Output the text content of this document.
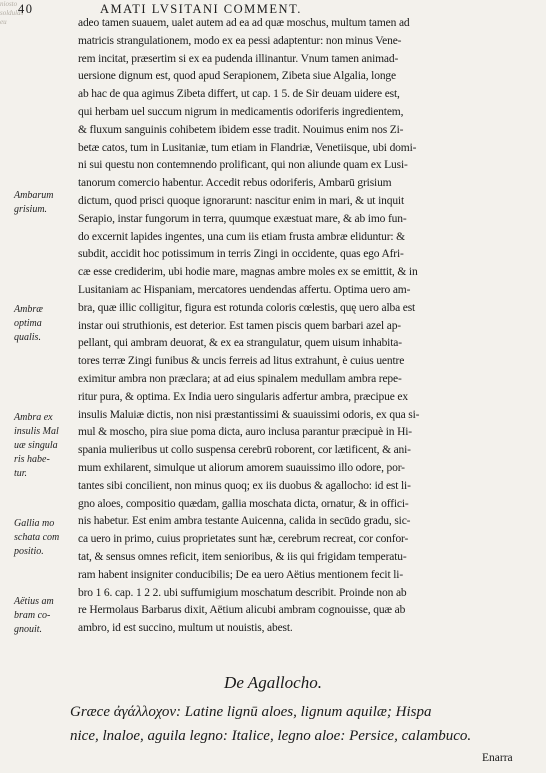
niosto
soldulas
eu
40	AMATI LVSITANI COMMENT.
adeo tamen suauem, ualet autem ad ea ad quæ moschus, multum tamen ad
matricis strangulationem, modo ex ea pessi adaptentur: non minus Vene-
rem incitat, præsertim si ex ea pudenda illinantur. Vnum tamen animad-
uersione dignum est, quod apud Serapionem, Zibeta siue Algalia, longe
ab hac de qua agimus Zibeta differt, ut cap. 1 5. de Sir deuam uidere est,
qui herbam uel succum nigrum in medicamentis odoriferis ingredientem,
& fluxum sanguinis cohibetem ibidem esse tradit. Nouimus enim nos Zi-
betæ catos, tum in Lusitaniæ, tum etiam in Flandriæ, Venetiisque, ubi domi-
ni sui questu non contemnendo prolificant, qui non aliunde quam ex Lusi-
tanorum comercio habentur. Accedit rebus odoriferis, Ambarū grisium
dictum, quod prisci quoque ignorarunt: nascitur enim in mari, & ut inquit
Serapio, instar fungorum in terra, quumque exæstuat mare, & ab imo fun-
do excernit lapides ingentes, una cum iis etiam frusta ambræ eliduntur: &
subdit, accidit hoc potissimum in terris Zingi in occidente, quas ego Afri-
cæ esse crediderim, ubi hodie mare, magnas ambre moles ex se emittit, & in
Lusitaniam ac Hispaniam, mercatores uendendas affertu. Optima uero am-
bra, quæ illic colligitur, figura est rotunda coloris cœlestis, quę uero alba est
instar oui struthionis, est deterior. Est tamen piscis quem barbari azel ap-
pellant, qui ambram deuorat, & ex ea strangulatur, quem uisum inhabita-
tores terræ Zingi funibus & uncis ferreis ad litus extrahunt, è cuius uentre
eximitur ambra non præclara; at ad eius spinalem medullam ambra repe-
ritur pura, & optima. Ex India uero singularis adfertur ambra, præcipue ex
insulis Maluiæ dictis, non nisi præstantissimi & suauissimi odoris, ex qua si-
mul & moscho, pira siue poma dicta, auro inclusa parantur præcipuè in Hi-
spania mulieribus ut collo suspensa cerebrū roborent, cor lætificent, & ani-
mum exhilarent, simulque ut aliorum amorem suauissimo illo odore, por-
tantes sibi concilient, non minus quoq; ex iis duobus & agallocho: id est li-
gno aloes, compositio quædam, gallia moschata dicta, ornatur, & in offici-
nis habetur. Est enim ambra testante Auicenna, calida in secūdo gradu, sic-
ca uero in primo, cuius proprietates sunt hæ, cerebrum recreat, cor confor-
tat, & sensus omnes reficit, item senioribus, & iis qui frigidam temperatu-
ram habent insigniter conducibilis; De ea uero Aëtius mentionem fecit li-
bro 1 6. cap. 1 2 2. ubi suffumigium moschatum describit. Proinde non ab
re Hermolaus Barbarus dixit, Aëtium alicubi ambram cognouisse, quæ ab
ambro, id est succino, multum ut nouistis, abest.
Ambarum
grisium.
Ambræ
optima
qualis.
Ambra ex
insulis Mal
uæ singula
ris habe-
tur.
Gallia mo
schata com
positio.
Aëtius am
bram co-
gnouit.
De Agallocho.
Græce ἀγάλλοχον: Latine lignū aloes, lignum aquilæ; Hispa
nice, lnaloe, aguila legno: Italice, legno aloe: Persice, calambuco.
Enarra
